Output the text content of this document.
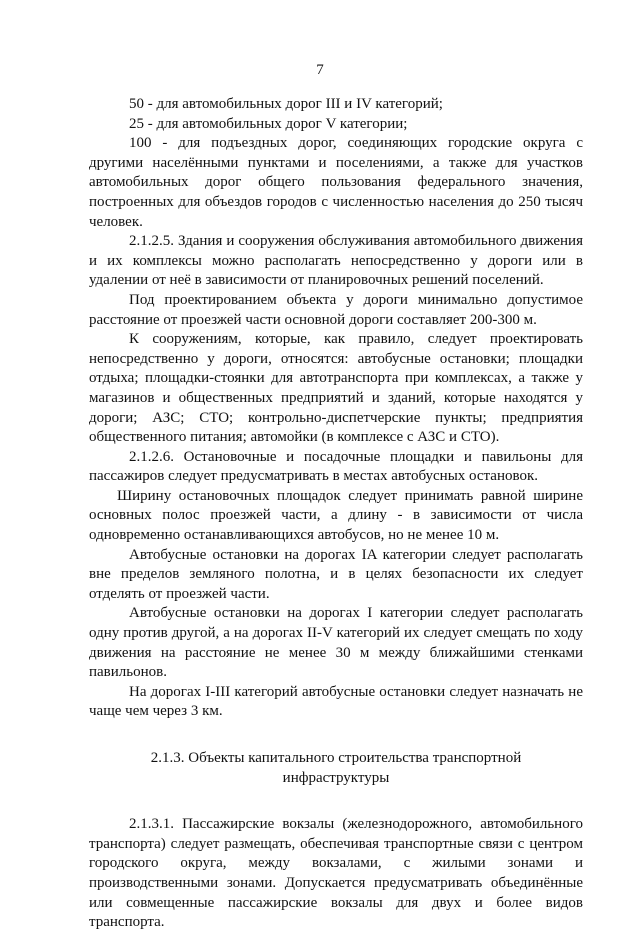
7

50 - для автомобильных дорог III и IV категорий;

25 - для автомобильных дорог V категории;

100 - для подъездных дорог, соединяющих городские округа с другими населёнными пунктами и поселениями, а также для участков автомобильных дорог общего пользования федерального значения, построенных для объездов городов с численностью населения до 250 тысяч человек.

2.1.2.5. Здания и сооружения обслуживания автомобильного движения и их комплексы можно располагать непосредственно у дороги или в удалении от неё в зависимости от планировочных решений поселений.

Под проектированием объекта у дороги минимально допустимое расстояние от проезжей части основной дороги составляет 200-300 м.

К сооружениям, которые, как правило, следует проектировать непосредственно у дороги, относятся: автобусные остановки; площадки отдыха; площадки-стоянки для автотранспорта при комплексах, а также у магазинов и общественных предприятий и зданий, которые находятся у дороги; АЗС; СТО; контрольно-диспетчерские пункты; предприятия общественного питания; автомойки (в комплексе с АЗС и СТО).

2.1.2.6. Остановочные и посадочные площадки и павильоны для пассажиров следует предусматривать в местах автобусных остановок.

Ширину остановочных площадок следует принимать равной ширине основных полос проезжей части, а длину - в зависимости от числа одновременно останавливающихся автобусов, но не менее 10 м.

Автобусные остановки на дорогах IA категории следует располагать вне пределов земляного полотна, и в целях безопасности их следует отделять от проезжей части.

Автобусные остановки на дорогах I категории следует располагать одну против другой, а на дорогах II-V категорий их следует смещать по ходу движения на расстояние не менее 30 м между ближайшими стенками павильонов.

На дорогах I-III категорий автобусные остановки следует назначать не чаще чем через 3 км.

2.1.3. Объекты капитального строительства транспортной инфраструктуры

2.1.3.1. Пассажирские вокзалы (железнодорожного, автомобильного транспорта) следует размещать, обеспечивая транспортные связи с центром городского округа, между вокзалами, с жилыми зонами и производственными зонами. Допускается предусматривать объединённые или совмещенные пассажирские вокзалы для двух и более видов транспорта.
